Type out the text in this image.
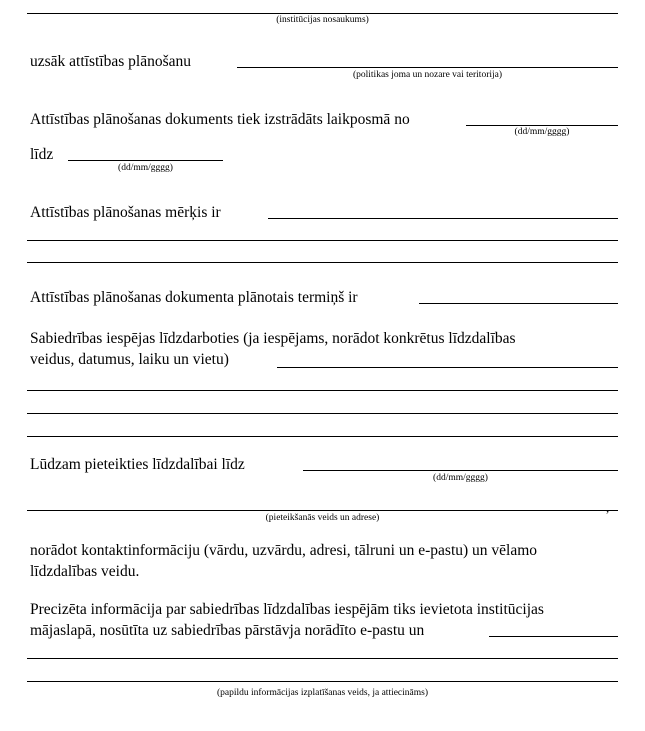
(institūcijas nosaukums)
uzsāk attīstības plānošanu
(politikas joma un nozare vai teritorija)
Attīstības plānošanas dokuments tiek izstrādāts laikposmā no
(dd/mm/gggg)
līdz
(dd/mm/gggg)
Attīstības plānošanas mērķis ir
Attīstības plānošanas dokumenta plānotais termiņš ir
Sabiedrības iespējas līdzdarboties (ja iespējams, norādot konkrētus līdzdalības
veidus, datumus, laiku un vietu)
Lūdzam pieteikties līdzdalībai līdz
(dd/mm/gggg)
,
(pieteikšanās veids un adrese)
norādot kontaktinformāciju (vārdu, uzvārdu, adresi, tālruni un e-pastu) un vēlamo
līdzdalības veidu.
Precizēta informācija par sabiedrības līdzdalības iespējām tiks ievietota institūcijas
mājaslapā, nosūtīta uz sabiedrības pārstāvja norādīto e-pastu un
(papildu informācijas izplatīšanas veids, ja attiecināms)
